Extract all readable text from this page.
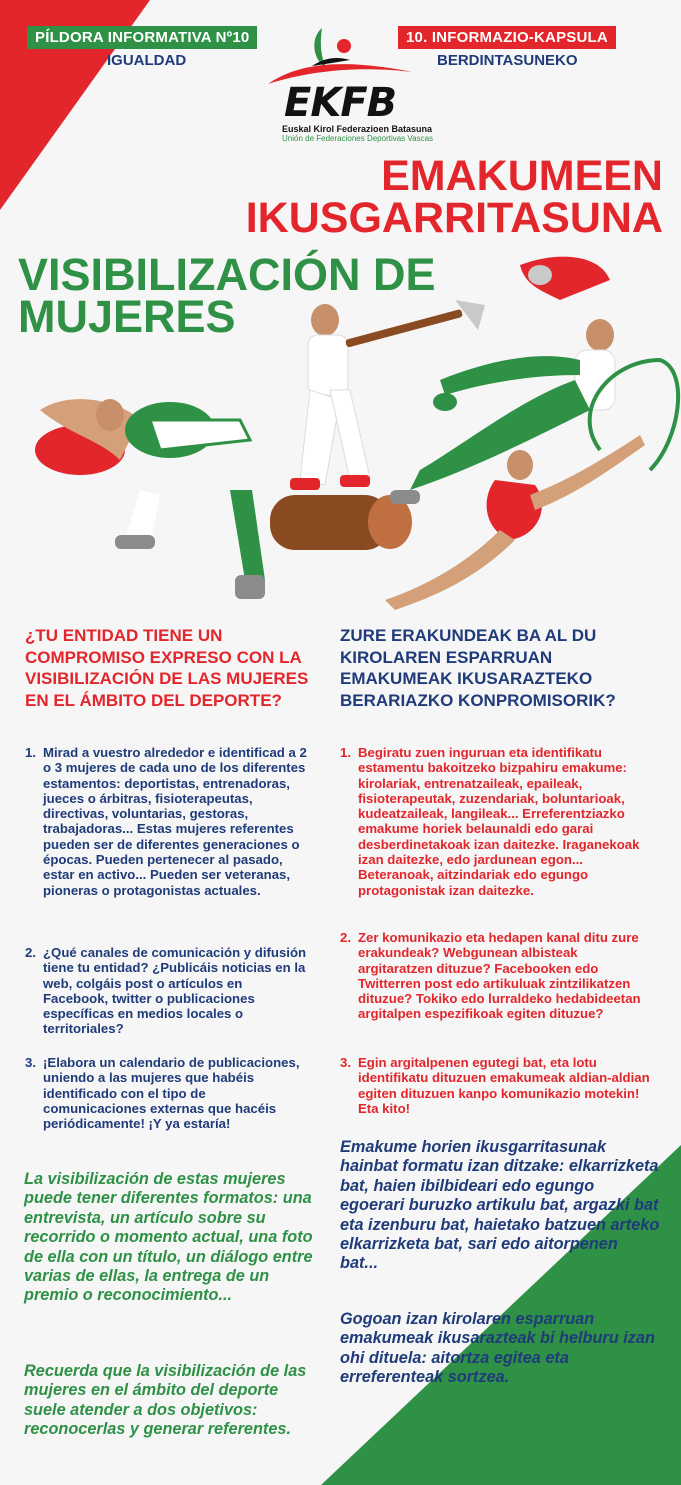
PÍLDORA INFORMATIVA Nº10	10. INFORMAZIO-KAPSULA
IGUALDAD	BERDINTASUNEKO
EKFB
Euskal Kirol Federazioen Batasuna
Unión de Federaciones Deportivas Vascas
EMAKUMEEN
IKUSGARRITASUNA
VISIBILIZACIÓN DE
MUJERES
¿TU ENTIDAD TIENE UN COMPROMISO EXPRESO CON LA VISIBILIZACIÓN DE LAS MUJERES EN EL ÁMBITO DEL DEPORTE?
ZURE ERAKUNDEAK BA AL DU KIROLAREN ESPARRUAN EMAKUMEAK IKUSARAZTEKO BERARIAZKO KONPROMISORIK?
1. Mirad a vuestro alrededor e identificad a 2 o 3 mujeres de cada uno de los diferentes estamentos: deportistas, entrenadoras, jueces o árbitras, fisioterapeutas, directivas, voluntarias, gestoras, trabajadoras... Estas mujeres referentes pueden ser de diferentes generaciones o épocas. Pueden pertenecer al pasado, estar en activo... Pueden ser veteranas, pioneras o protagonistas actuales.
2. ¿Qué canales de comunicación y difusión tiene tu entidad? ¿Publicáis noticias en la web, colgáis post o artículos en Facebook, twitter o publicaciones específicas en medios locales o territoriales?
3. ¡Elabora un calendario de publicaciones, uniendo a las mujeres que habéis identificado con el tipo de comunicaciones externas que hacéis periódicamente! ¡Y ya estaría!
1. Begiratu zuen inguruan eta identifikatu estamentu bakoitzeko bizpahiru emakume: kirolariak, entrenatzaileak, epaileak, fisioterapeutak, zuzendariak, boluntarioak, kudeatzaileak, langileak... Erreferentziazko emakume horiek belaunaldi edo garai desberdinetakoak izan daitezke. Iraganekoak izan daitezke, edo jardunean egon... Beteranoak, aitzindariak edo egungo protagonistak izan daitezke.
2. Zer komunikazio eta hedapen kanal ditu zure erakundeak? Webgunean albisteak argitaratzen dituzue? Facebooken edo Twitterren post edo artikuluak zintzilikatzen dituzue? Tokiko edo lurraldeko hedabideetan argitalpen espezifikoak egiten dituzue?
3. Egin argitalpenen egutegi bat, eta lotu identifikatu dituzuen emakumeak aldian-aldian egiten dituzuen kanpo komunikazio motekin! Eta kito!
La visibilización de estas mujeres puede tener diferentes formatos: una entrevista, un artículo sobre su recorrido o momento actual, una foto de ella con un título, un diálogo entre varias de ellas, la entrega de un premio o reconocimiento...
Recuerda que la visibilización de las mujeres en el ámbito del deporte suele atender a dos objetivos: reconocerlas y generar referentes.
Emakume horien ikusgarritasunak hainbat formatu izan ditzake: elkarrizketa bat, haien ibilbideari edo egungo egoerari buruzko artikulu bat, argazki bat eta izenburu bat, haietako batzuen arteko elkarrizketa bat, sari edo aitorpenen bat...
Gogoan izan kirolaren esparruan emakumeak ikusarazteak bi helburu izan ohi dituela: aitortza egitea eta erreferenteak sortzea.
